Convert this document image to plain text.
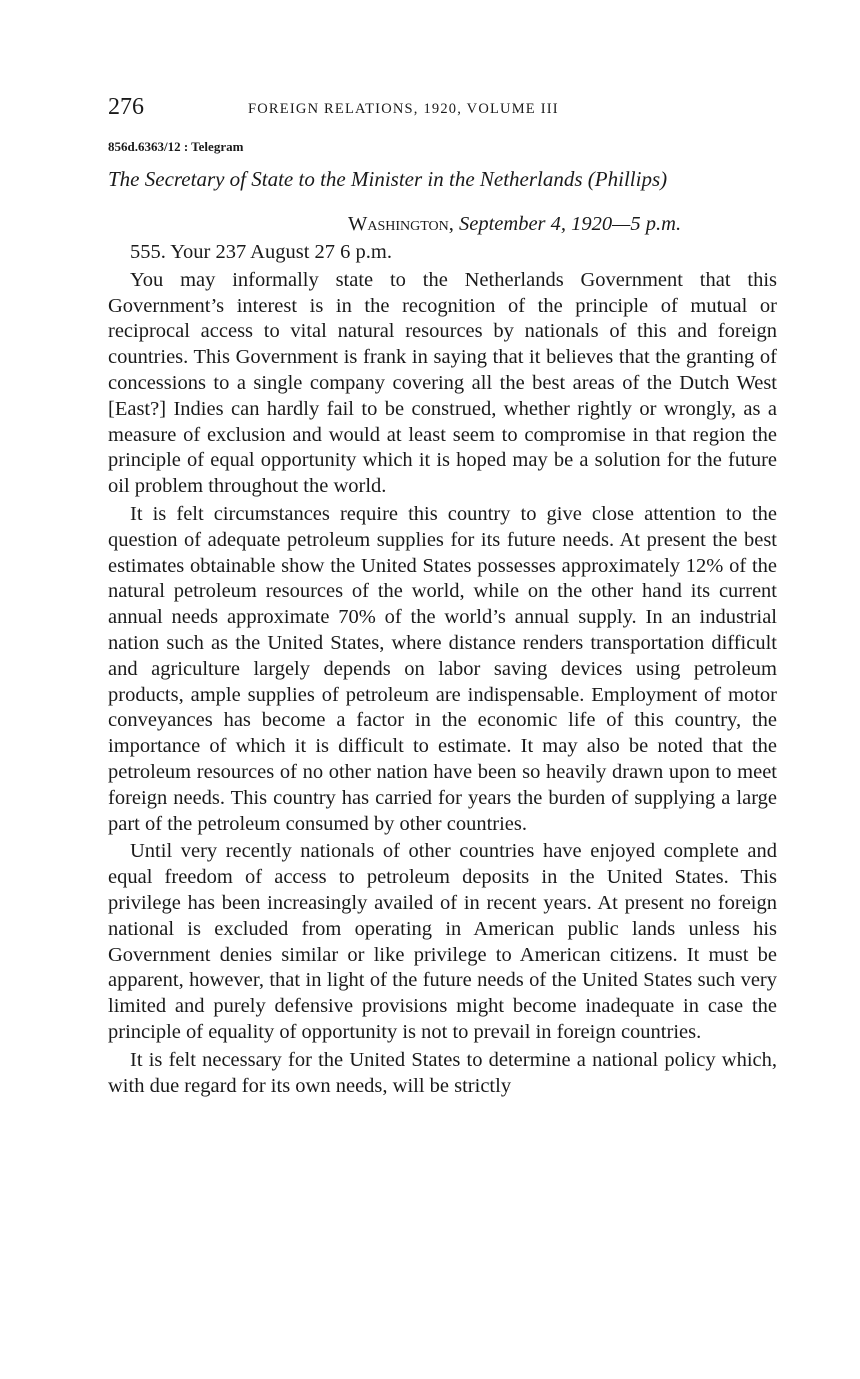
276	FOREIGN RELATIONS, 1920, VOLUME III
856d.6363/12 : Telegram
The Secretary of State to the Minister in the Netherlands (Phillips)
Washington, September 4, 1920—5 p.m.

555. Your 237 August 27 6 p.m.

You may informally state to the Netherlands Government that this Government’s interest is in the recognition of the principle of mutual or reciprocal access to vital natural resources by nationals of this and foreign countries. This Government is frank in saying that it believes that the granting of concessions to a single company covering all the best areas of the Dutch West [East?] Indies can hardly fail to be construed, whether rightly or wrongly, as a measure of exclusion and would at least seem to compromise in that region the principle of equal opportunity which it is hoped may be a solution for the future oil problem throughout the world.

It is felt circumstances require this country to give close attention to the question of adequate petroleum supplies for its future needs. At present the best estimates obtainable show the United States possesses approximately 12% of the natural petroleum resources of the world, while on the other hand its current annual needs approximate 70% of the world’s annual supply. In an industrial nation such as the United States, where distance renders transportation difficult and agriculture largely depends on labor saving devices using petroleum products, ample supplies of petroleum are indispensable. Employment of motor conveyances has become a factor in the economic life of this country, the importance of which it is difficult to estimate. It may also be noted that the petroleum resources of no other nation have been so heavily drawn upon to meet foreign needs. This country has carried for years the burden of supplying a large part of the petroleum consumed by other countries.

Until very recently nationals of other countries have enjoyed complete and equal freedom of access to petroleum deposits in the United States. This privilege has been increasingly availed of in recent years. At present no foreign national is excluded from operating in American public lands unless his Government denies similar or like privilege to American citizens. It must be apparent, however, that in light of the future needs of the United States such very limited and purely defensive provisions might become inadequate in case the principle of equality of opportunity is not to prevail in foreign countries.

It is felt necessary for the United States to determine a national policy which, with due regard for its own needs, will be strictly
